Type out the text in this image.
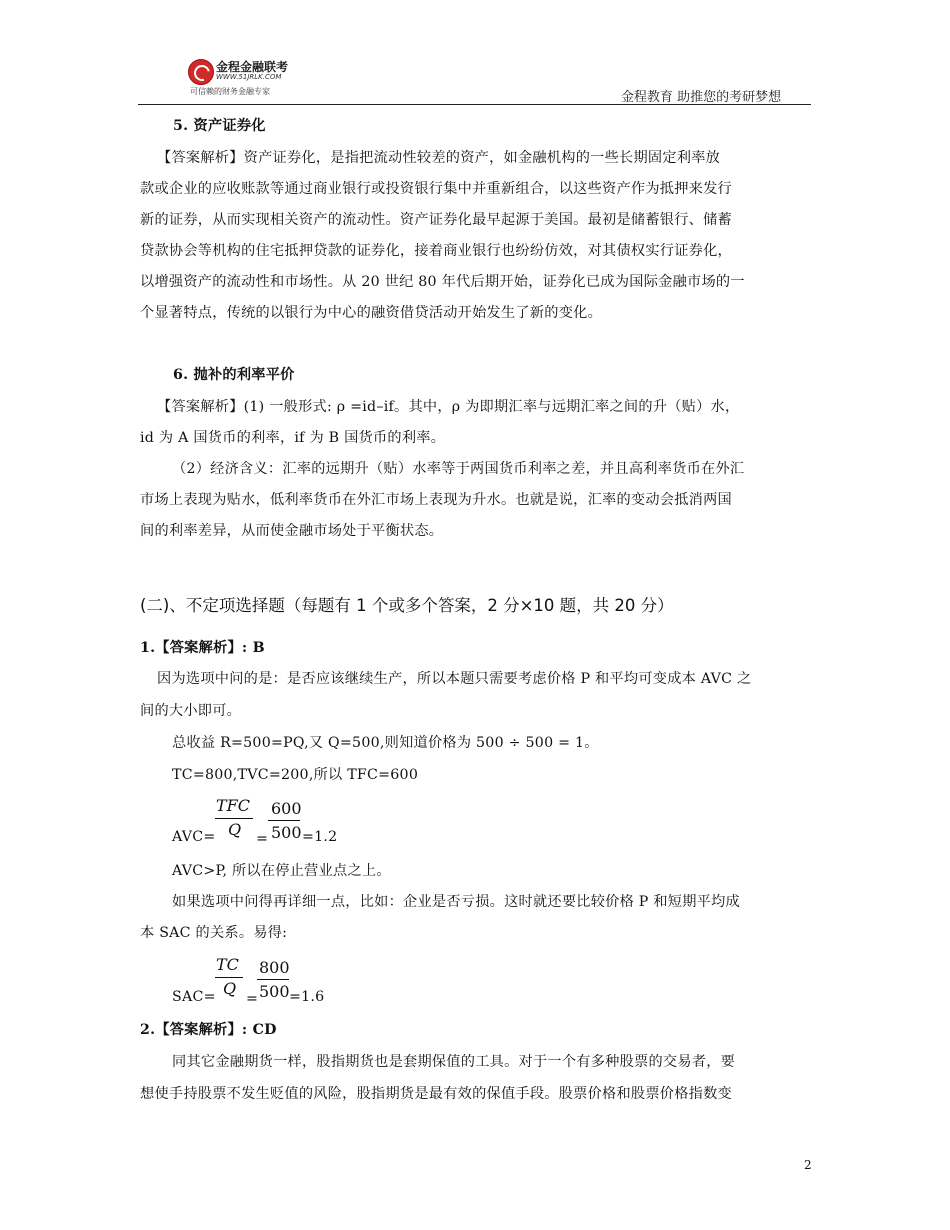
金程金融联考
WWW.51JRLK.COM
可信赖的财务金融专家	金程教育 助推您的考研梦想
5. 资产证券化
【答案解析】资产证券化，是指把流动性较差的资产，如金融机构的一些长期固定利率放
款或企业的应收账款等通过商业银行或投资银行集中并重新组合，以这些资产作为抵押来发行
新的证券，从而实现相关资产的流动性。资产证券化最早起源于美国。最初是储蓄银行、储蓄
贷款协会等机构的住宅抵押贷款的证券化，接着商业银行也纷纷仿效，对其债权实行证券化，
以增强资产的流动性和市场性。从 20 世纪 80 年代后期开始，证券化已成为国际金融市场的一
个显著特点，传统的以银行为中心的融资借贷活动开始发生了新的变化。
6. 抛补的利率平价
【答案解析】(1) 一般形式: ρ =id–if。其中，ρ 为即期汇率与远期汇率之间的升（贴）水，
id 为 A 国货币的利率，if 为 B 国货币的利率。
（2）经济含义：汇率的远期升（贴）水率等于两国货币利率之差，并且高利率货币在外汇
市场上表现为贴水，低利率货币在外汇市场上表现为升水。也就是说，汇率的变动会抵消两国
间的利率差异，从而使金融市场处于平衡状态。
(二)、不定项选择题（每题有 1 个或多个答案，2 分×10 题，共 20 分）
1.【答案解析】: B
因为选项中问的是：是否应该继续生产，所以本题只需要考虑价格 P 和平均可变成本 AVC 之
间的大小即可。
总收益 R=500=PQ,又 Q=500,则知道价格为 500 ÷ 500 = 1。
TC=800,TVC=200,所以 TFC=600
TFC
Q
600
500
AVC=	= =1.2
AVC>P, 所以在停止营业点之上。
如果选项中问得再详细一点，比如：企业是否亏损。这时就还要比较价格 P 和短期平均成
本 SAC 的关系。易得:
TC
Q
800
500
SAC= = =1.6
2.【答案解析】: CD
同其它金融期货一样，股指期货也是套期保值的工具。对于一个有多种股票的交易者，要
想使手持股票不发生贬值的风险，股指期货是最有效的保值手段。股票价格和股票价格指数变
2
